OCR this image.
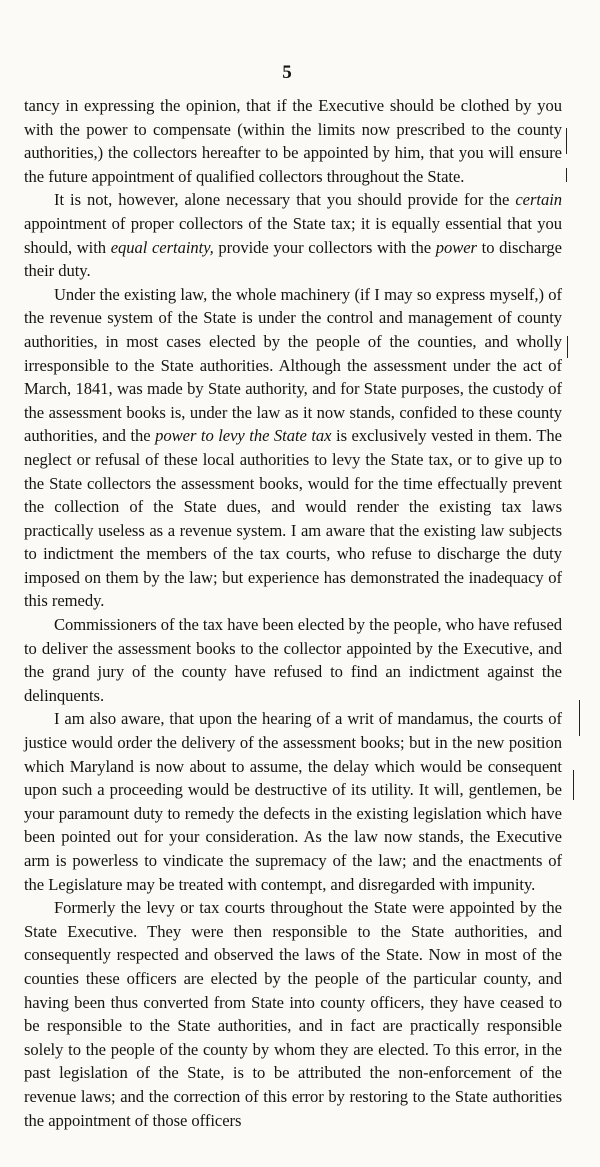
5

tancy in expressing the opinion, that if the Executive should be clothed by you with the power to compensate (within the limits now prescribed to the county authorities,) the collectors hereafter to be appointed by him, that you will ensure the future appointment of qualified collectors throughout the State.

It is not, however, alone necessary that you should provide for the certain appointment of proper collectors of the State tax; it is equally essential that you should, with equal certainty, provide your collectors with the power to discharge their duty.

Under the existing law, the whole machinery (if I may so express myself,) of the revenue system of the State is under the control and management of county authorities, in most cases elected by the people of the counties, and wholly irresponsible to the State authorities. Although the assessment under the act of March, 1841, was made by State authority, and for State purposes, the custody of the assessment books is, under the law as it now stands, confided to these county authorities, and the power to levy the State tax is exclusively vested in them. The neglect or refusal of these local authorities to levy the State tax, or to give up to the State collectors the assessment books, would for the time effectually prevent the collection of the State dues, and would render the existing tax laws practically useless as a revenue system. I am aware that the existing law subjects to indictment the members of the tax courts, who refuse to discharge the duty imposed on them by the law; but experience has demonstrated the inadequacy of this remedy.

Commissioners of the tax have been elected by the people, who have refused to deliver the assessment books to the collector appointed by the Executive, and the grand jury of the county have refused to find an indictment against the delinquents.

I am also aware, that upon the hearing of a writ of mandamus, the courts of justice would order the delivery of the assessment books; but in the new position which Maryland is now about to assume, the delay which would be consequent upon such a proceeding would be destructive of its utility. It will, gentlemen, be your paramount duty to remedy the defects in the existing legislation which have been pointed out for your consideration. As the law now stands, the Executive arm is powerless to vindicate the supremacy of the law; and the enactments of the Legislature may be treated with contempt, and disregarded with impunity.

Formerly the levy or tax courts throughout the State were appointed by the State Executive. They were then responsible to the State authorities, and consequently respected and observed the laws of the State. Now in most of the counties these officers are elected by the people of the particular county, and having been thus converted from State into county officers, they have ceased to be responsible to the State authorities, and in fact are practically responsible solely to the people of the county by whom they are elected. To this error, in the past legislation of the State, is to be attributed the non-enforcement of the revenue laws; and the correction of this error by restoring to the State authorities the appointment of those officers
